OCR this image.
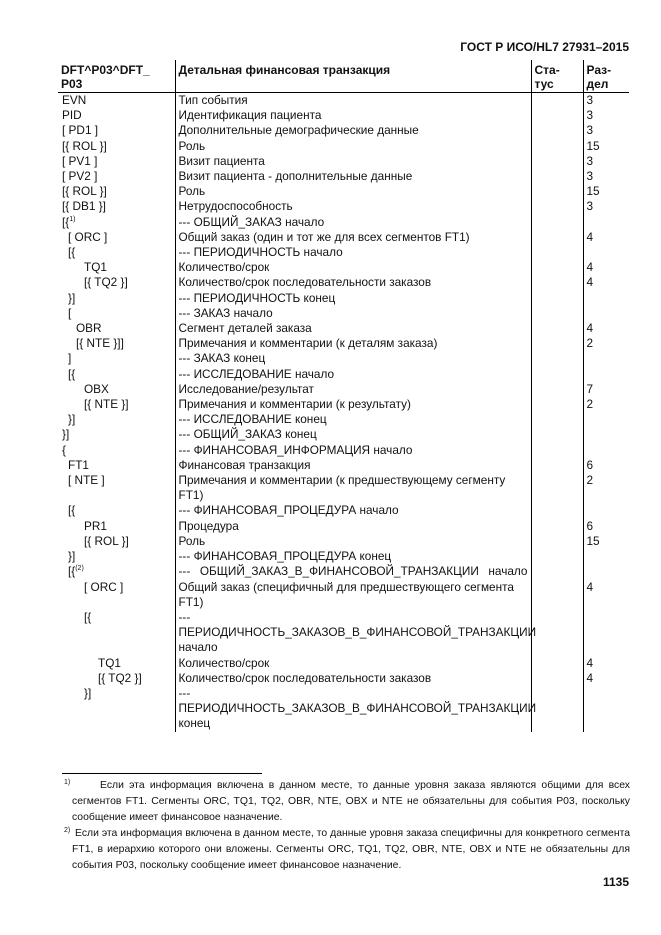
ГОСТ Р ИСО/HL7 27931–2015
DFT^P03^DFT_ P03	Детальная финансовая транзакция	Ста- тус	Раз- дел
EVN	Тип события		3
PID	Идентификация пациента		3
[ PD1 ]	Дополнительные демографические данные		3
[{ ROL }]	Роль		15
[ PV1 ]	Визит пациента		3
[ PV2 ]	Визит пациента - дополнительные данные		3
[{ ROL }]	Роль		15
[{ DB1 }]	Нетрудоспособность		3
[{$^{1)}$	--- ОБЩИЙ_ЗАКАЗ начало		
[ ORC ]	Общий заказ (один и тот же для всех сегментов FT1)		4
[{	--- ПЕРИОДИЧНОСТЬ начало		
TQ1	Количество/срок		4
[{ TQ2 }]	Количество/срок последовательности заказов		4
}]	--- ПЕРИОДИЧНОСТЬ конец		
[	--- ЗАКАЗ начало		
OBR	Сегмент деталей заказа		4
[{ NTE }]]	Примечания и комментарии (к деталям заказа)		2
]	--- ЗАКАЗ конец		
[{	--- ИССЛЕДОВАНИЕ начало		
OBX	Исследование/результат		7
[{ NTE }]	Примечания и комментарии (к результату)		2
}]	--- ИССЛЕДОВАНИЕ конец		
}]	--- ОБЩИЙ_ЗАКАЗ конец		
{	--- ФИНАНСОВАЯ_ИНФОРМАЦИЯ начало		
FT1	Финансовая транзакция		6
[ NTE ]	Примечания и комментарии (к предшествующему сегменту FT1)		2
[{	--- ФИНАНСОВАЯ_ПРОЦЕДУРА начало		
PR1	Процедура		6
[{ ROL }]	Роль		15
}]	--- ФИНАНСОВАЯ_ПРОЦЕДУРА конец		
[{$^{(2)}$	--- ОБЩИЙ_ЗАКАЗ_В_ФИНАНСОВОЙ_ТРАНЗАКЦИИ начало		
[ ORC ]	Общий заказ (специфичный для предшествующего сегмента FT1)		4
[{	--- ПЕРИОДИЧНОСТЬ_ЗАКАЗОВ_В_ФИНАНСОВОЙ_ТРАНЗАКЦИИ начало		
TQ1	Количество/срок		4
[{ TQ2 }]	Количество/срок последовательности заказов		4
}]	--- ПЕРИОДИЧНОСТЬ_ЗАКАЗОВ_В_ФИНАНСОВОЙ_ТРАНЗАКЦИИ конец		
1)	Если эта информация включена в данном месте, то данные уровня заказа являются общими для всех сегментов FT1. Сегменты ORC, TQ1, TQ2, OBR, NTE, OBX и NTE не обязательны для события P03, поскольку сообщение имеет финансовое назначение.
2) Если эта информация включена в данном месте, то данные уровня заказа специфичны для конкретного сегмента FT1, в иерархию которого они вложены. Сегменты ORC, TQ1, TQ2, OBR, NTE, OBX и NTE не обязательны для события P03, поскольку сообщение имеет финансовое назначение.
1135
